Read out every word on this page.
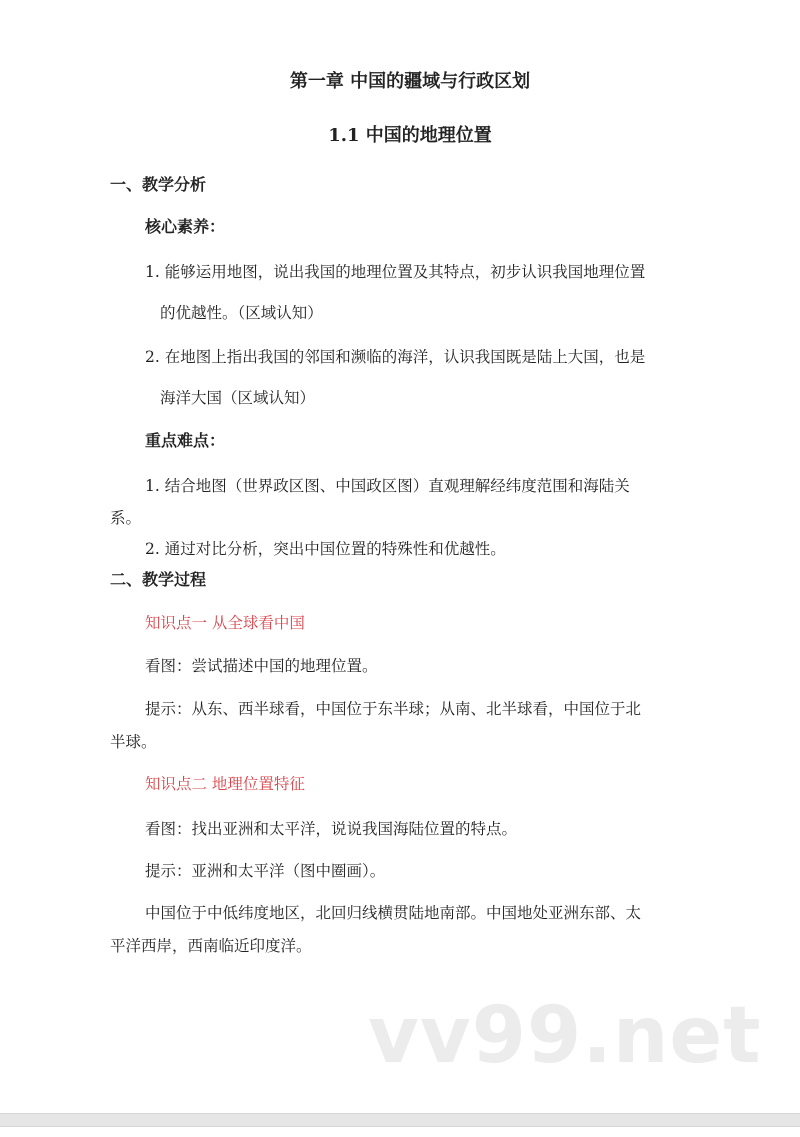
第一章 中国的疆域与行政区划
1.1 中国的地理位置
一、教学分析
核心素养：
1. 能够运用地图，说出我国的地理位置及其特点，初步认识我国地理位置
的优越性。（区域认知）
2. 在地图上指出我国的邻国和濒临的海洋，认识我国既是陆上大国，也是
海洋大国（区域认知）
重点难点：
1. 结合地图（世界政区图、中国政区图）直观理解经纬度范围和海陆关
系。
2. 通过对比分析，突出中国位置的特殊性和优越性。
二、教学过程
知识点一 从全球看中国
看图：尝试描述中国的地理位置。
提示：从东、西半球看，中国位于东半球；从南、北半球看，中国位于北
半球。
知识点二 地理位置特征
看图：找出亚洲和太平洋，说说我国海陆位置的特点。
提示：亚洲和太平洋（图中圈画）。
中国位于中低纬度地区，北回归线横贯陆地南部。中国地处亚洲东部、太
平洋西岸，西南临近印度洋。
vv99.net
